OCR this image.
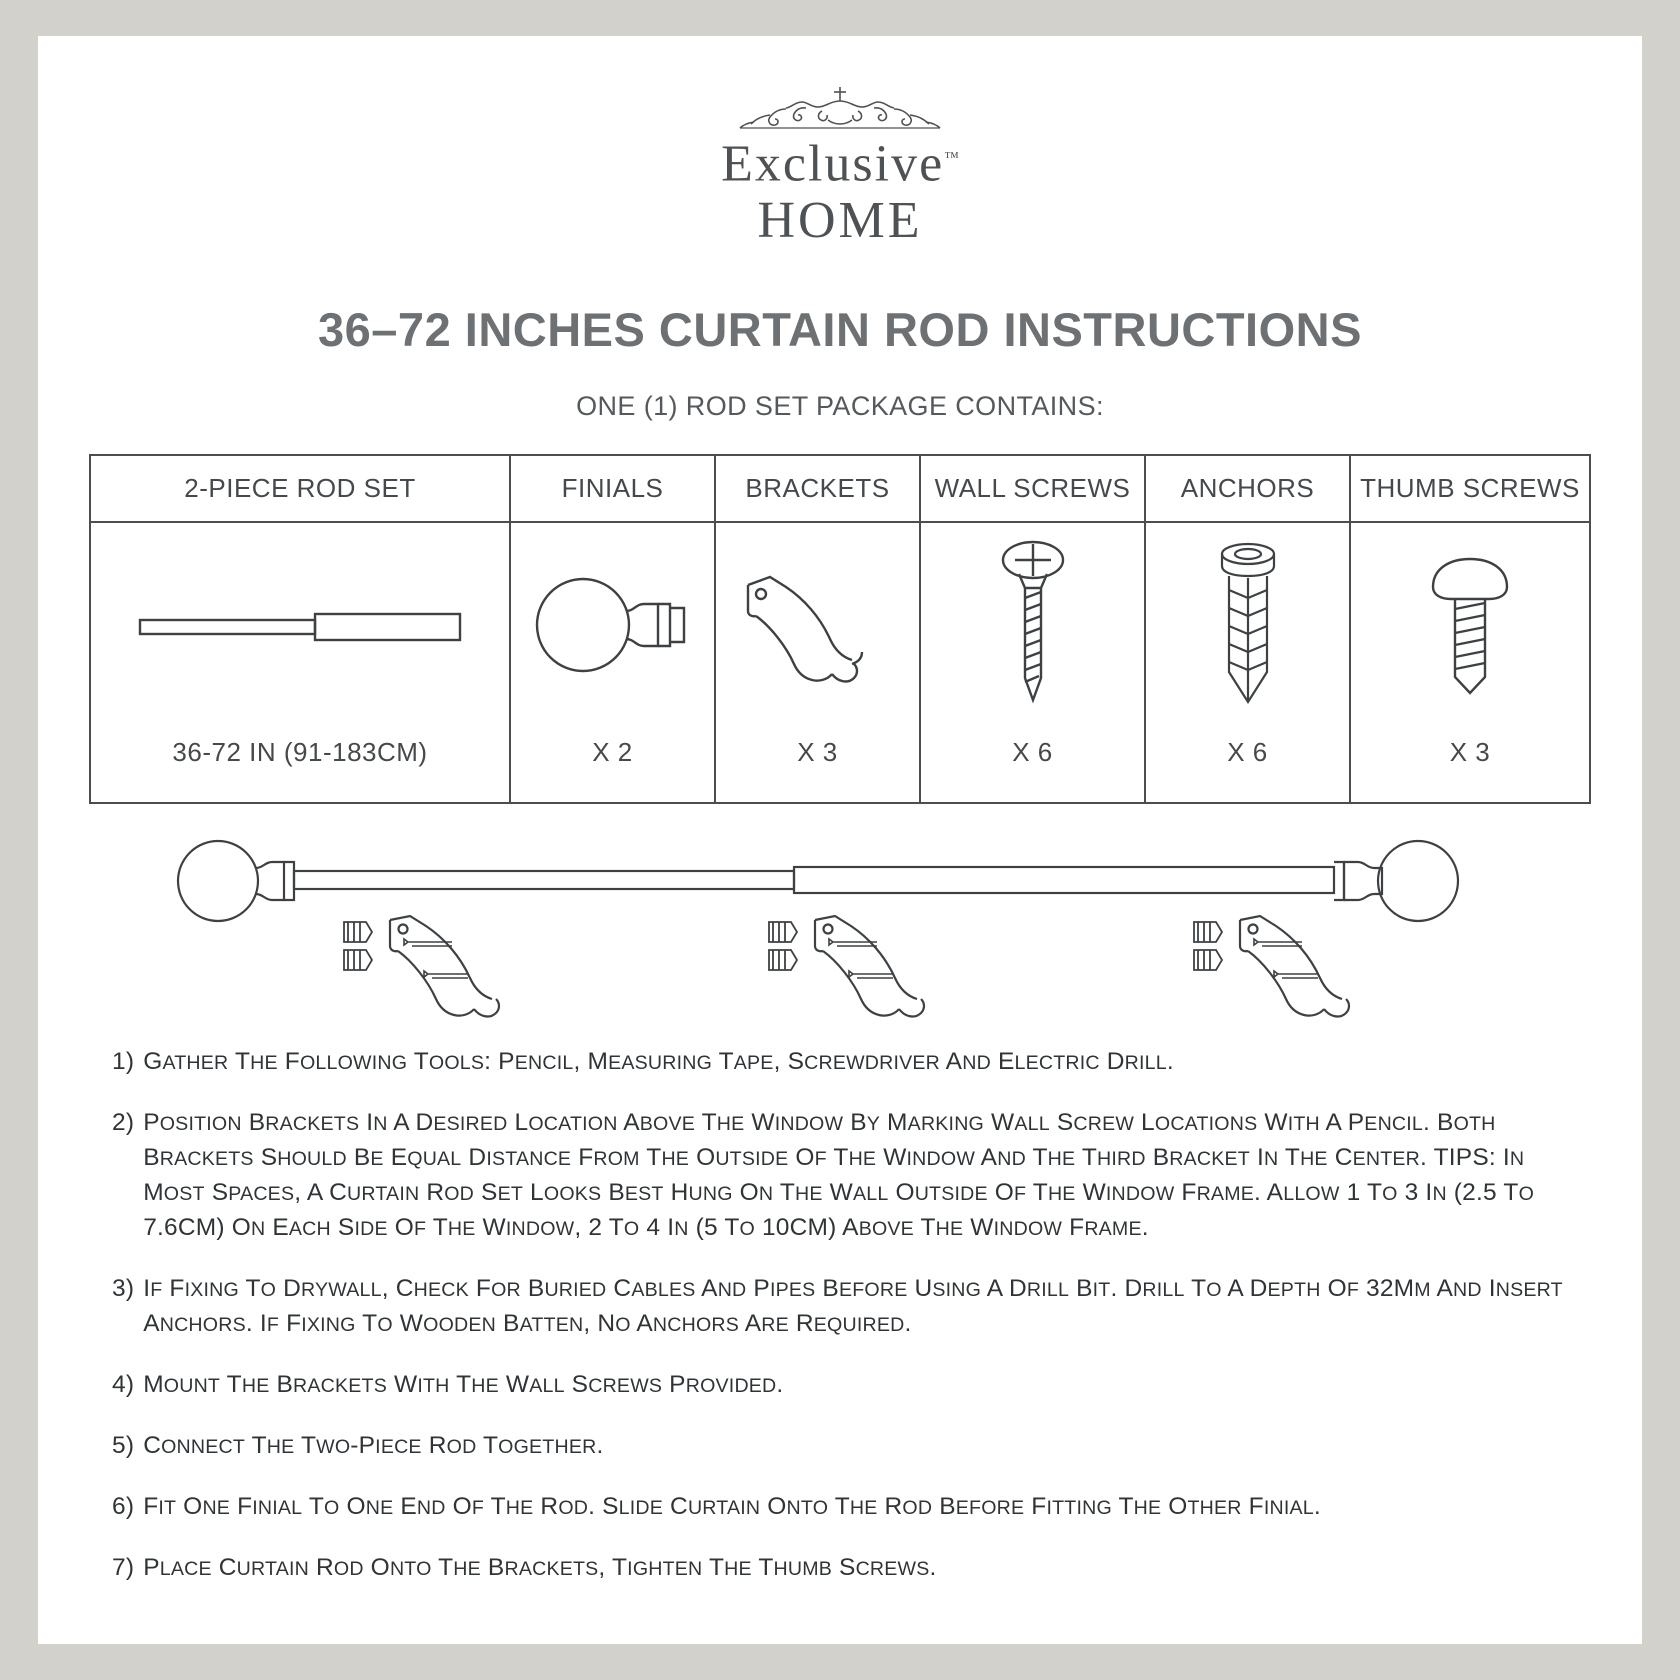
Exclusive™
HOME
36–72 INCHES CURTAIN ROD INSTRUCTIONS
ONE (1) ROD SET PACKAGE CONTAINS:
2-PIECE ROD SET	FINIALS	BRACKETS	WALL SCREWS	ANCHORS	THUMB SCREWS

36-72 IN (91-183CM)	X 2	X 3	X 6	X 6	X 3
1) GATHER THE FOLLOWING TOOLS: PENCIL, MEASURING TAPE, SCREWDRIVER AND ELECTRIC DRILL.
2) POSITION BRACKETS IN A DESIRED LOCATION ABOVE THE WINDOW BY MARKING WALL SCREW LOCATIONS WITH A PENCIL. BOTH BRACKETS SHOULD BE EQUAL DISTANCE FROM THE OUTSIDE OF THE WINDOW AND THE THIRD BRACKET IN THE CENTER. TIPS: IN MOST SPACES, A CURTAIN ROD SET LOOKS BEST HUNG ON THE WALL OUTSIDE OF THE WINDOW FRAME. ALLOW 1 TO 3 IN (2.5 TO 7.6CM) ON EACH SIDE OF THE WINDOW, 2 TO 4 IN (5 TO 10CM) ABOVE THE WINDOW FRAME.
3) IF FIXING TO DRYWALL, CHECK FOR BURIED CABLES AND PIPES BEFORE USING A DRILL BIT. DRILL TO A DEPTH OF 32MM AND INSERT ANCHORS. IF FIXING TO WOODEN BATTEN, NO ANCHORS ARE REQUIRED.
4) MOUNT THE BRACKETS WITH THE WALL SCREWS PROVIDED.
5) CONNECT THE TWO-PIECE ROD TOGETHER.
6) FIT ONE FINIAL TO ONE END OF THE ROD. SLIDE CURTAIN ONTO THE ROD BEFORE FITTING THE OTHER FINIAL.
7) PLACE CURTAIN ROD ONTO THE BRACKETS, TIGHTEN THE THUMB SCREWS.
